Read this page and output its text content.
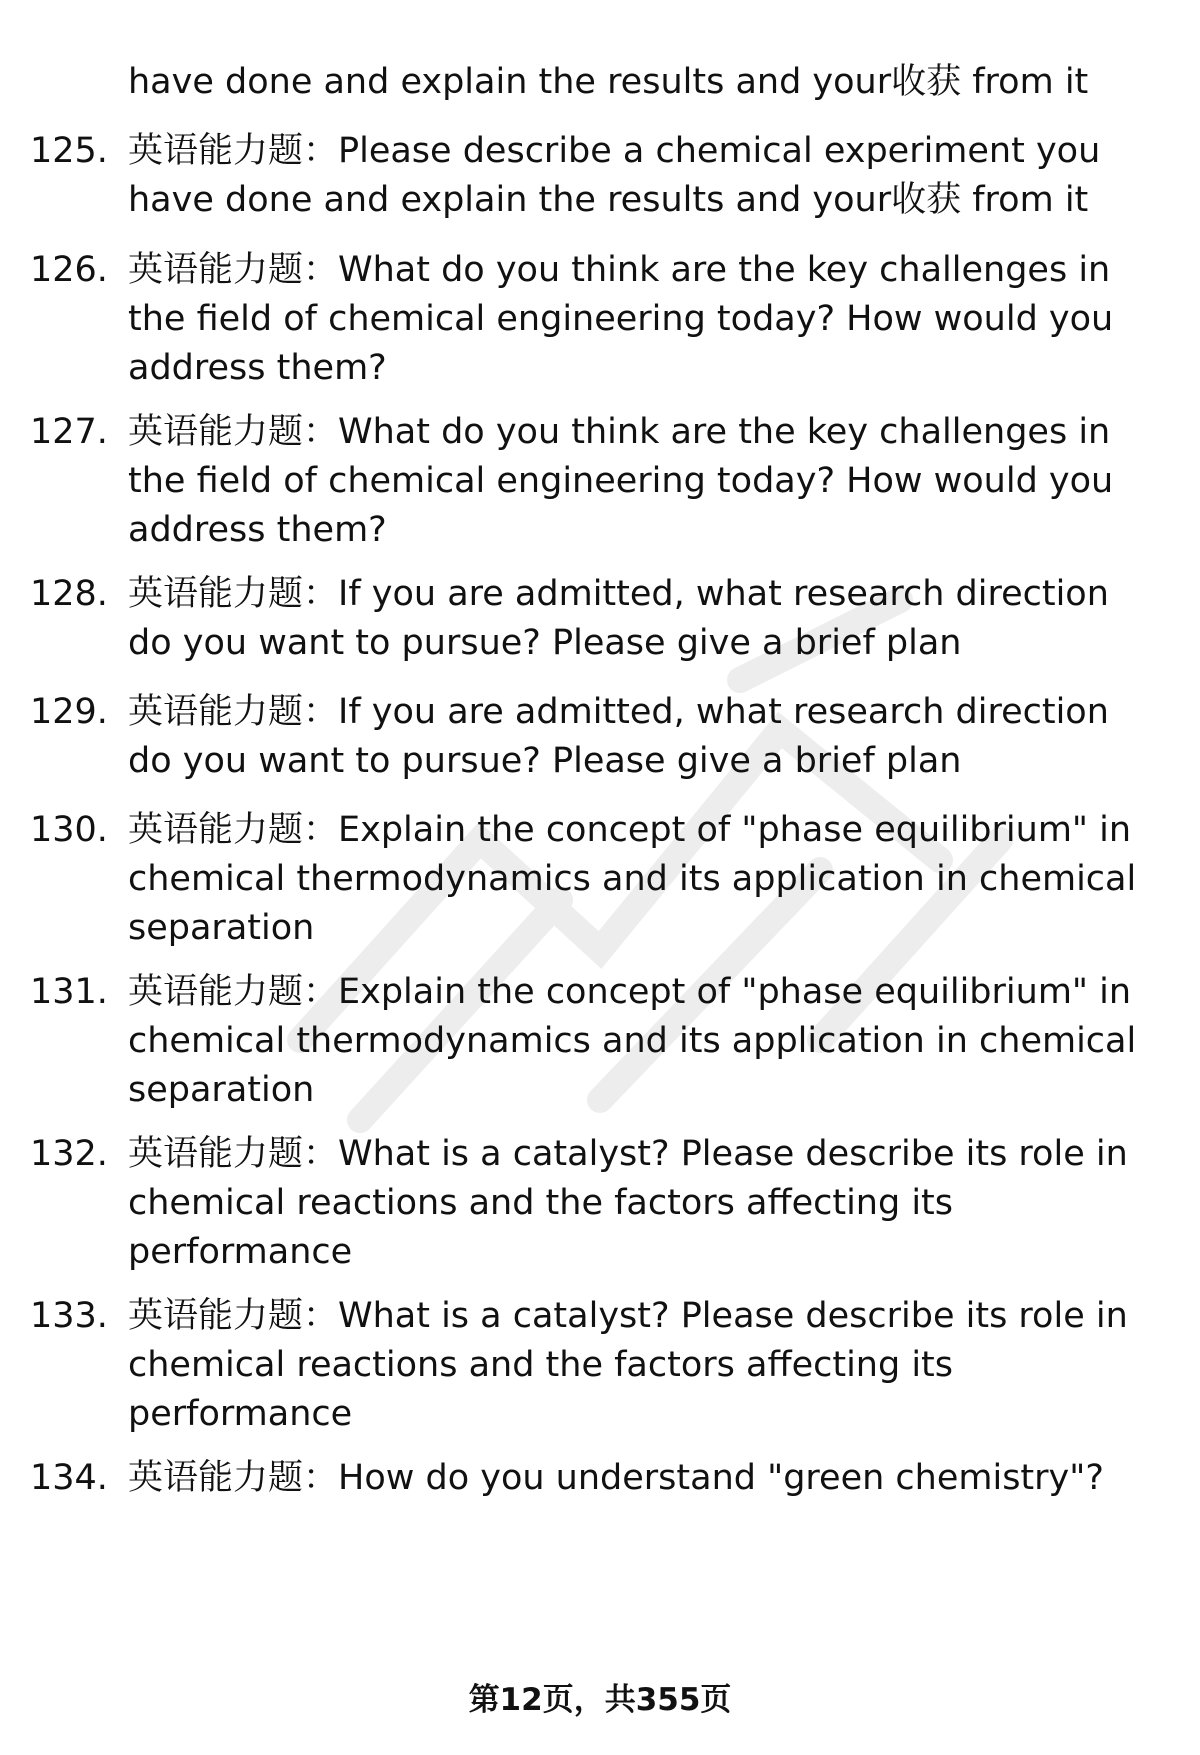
have done and explain the results and your收获 from it
125. 英语能力题：Please describe a chemical experiment you have done and explain the results and your收获 from it
126. 英语能力题：What do you think are the key challenges in the field of chemical engineering today? How would you address them?
127. 英语能力题：What do you think are the key challenges in the field of chemical engineering today? How would you address them?
128. 英语能力题：If you are admitted, what research direction do you want to pursue? Please give a brief plan
129. 英语能力题：If you are admitted, what research direction do you want to pursue? Please give a brief plan
130. 英语能力题：Explain the concept of "phase equilibrium" in chemical thermodynamics and its application in chemical separation
131. 英语能力题：Explain the concept of "phase equilibrium" in chemical thermodynamics and its application in chemical separation
132. 英语能力题：What is a catalyst? Please describe its role in chemical reactions and the factors affecting its performance
133. 英语能力题：What is a catalyst? Please describe its role in chemical reactions and the factors affecting its performance
134. 英语能力题：How do you understand "green chemistry"?
第12页，共355页
